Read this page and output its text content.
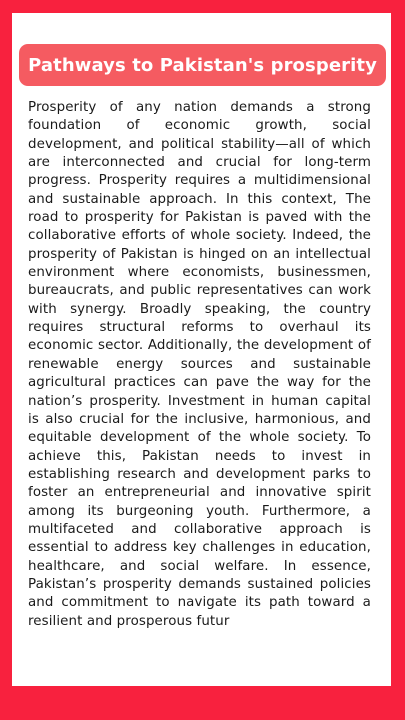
Pathways to Pakistan's prosperity

Prosperity of any nation demands a strong foundation of economic growth, social development, and political stability—all of which are interconnected and crucial for long-term progress. Prosperity requires a multidimensional and sustainable approach. In this context, The road to prosperity for Pakistan is paved with the collaborative efforts of whole society. Indeed, the prosperity of Pakistan is hinged on an intellectual environment where economists, businessmen, bureaucrats, and public representatives can work with synergy. Broadly speaking, the country requires structural reforms to overhaul its economic sector. Additionally, the development of renewable energy sources and sustainable agricultural practices can pave the way for the nation’s prosperity. Investment in human capital is also crucial for the inclusive, harmonious, and equitable development of the whole society. To achieve this, Pakistan needs to invest in establishing research and development parks to foster an entrepreneurial and innovative spirit among its burgeoning youth. Furthermore, a multifaceted and collaborative approach is essential to address key challenges in education, healthcare, and social welfare. In essence, Pakistan’s prosperity demands sustained policies and commitment to navigate its path toward a resilient and prosperous futur
